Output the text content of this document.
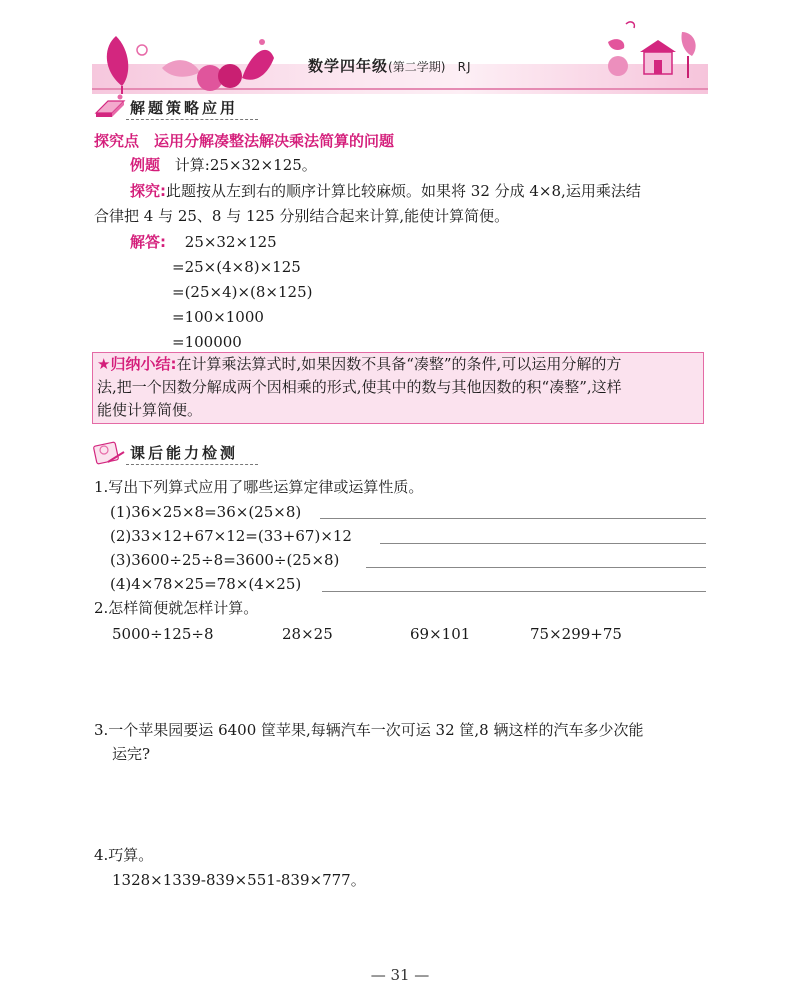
数学四年级(第二学期) RJ
解题策略应用
探究点　运用分解凑整法解决乘法简算的问题
例题 计算:25×32×125。
探究:此题按从左到右的顺序计算比较麻烦。如果将 32 分成 4×8,运用乘法结
合律把 4 与 25、8 与 125 分别结合起来计算,能使计算简便。
解答: 25×32×125
=25×(4×8)×125
=(25×4)×(8×125)
=100×1000
=100000
★归纳小结:在计算乘法算式时,如果因数不具备“凑整”的条件,可以运用分解的方
法,把一个因数分解成两个因相乘的形式,使其中的数与其他因数的积“凑整”,这样
能使计算简便。
课后能力检测
1.写出下列算式应用了哪些运算定律或运算性质。
(1)36×25×8=36×(25×8)
(2)33×12+67×12=(33+67)×12
(3)3600÷25÷8=3600÷(25×8)
(4)4×78×25=78×(4×25)
2.怎样简便就怎样计算。
5000÷125÷8	28×25	69×101	75×299+75
3.一个苹果园要运 6400 筐苹果,每辆汽车一次可运 32 筐,8 辆这样的汽车多少次能
运完?
4.巧算。
1328×1339-839×551-839×777。
— 31 —
